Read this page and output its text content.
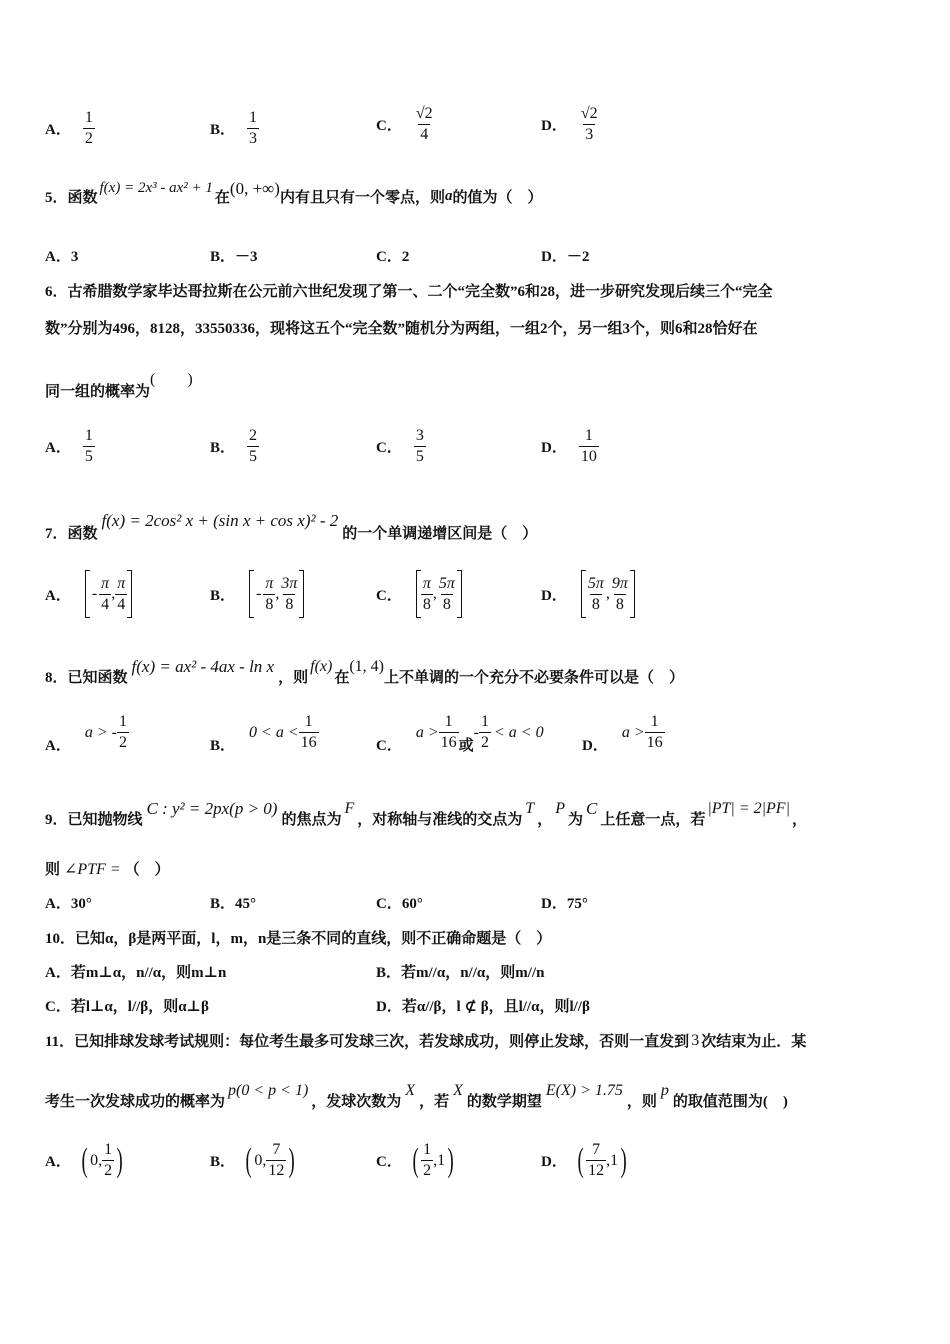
A． $\frac{1}{2}$	B． $\frac{1}{3}$	C． $\frac{√2}{4}$	D． $\frac{√2}{3}$
5．函数
f(x) = 2x³ - ax² + 1
在
(0, +∞)
内有且只有一个零点，则 a 的值为（　）
A．3	B．－3	C．2	D．－2
6．古希腊数学家毕达哥拉斯在公元前六世纪发现了第一、二个“完全数”6和28，进一步研究发现后续三个“完全
数”分别为496，8128，33550336，现将这五个“完全数”随机分为两组，一组2个，另一组3个，则6和28恰好在
同一组的概率为
(　　)
A． $\frac{1}{5}$	B． $\frac{2}{5}$	C． $\frac{3}{5}$	D． $\frac{1}{10}$
7．函数
f(x) = 2cos² x + (sin x + cos x)² - 2
的一个单调递增区间是（　）
A． - $\frac{\pi}{4}$ , $\frac{\pi}{4}$	B． - $\frac{\pi}{8}$ , $\frac{3\pi}{8}$	C． $\frac{\pi}{8}$ , $\frac{5\pi}{8}$	D． $\frac{5\pi}{8}$ , $\frac{9\pi}{8}$
8．已知函数
f(x) = ax² - 4ax - ln x
，则
f(x)
在
(1, 4)
上不单调的一个充分不必要条件可以是（　）
A．
a > - $\frac{1}{2}$	B．
$0 < a < \frac{1}{16}$	C．
$a > \frac{1}{16}$ 或
- $\frac{1}{2} < a < 0$
D．
$a > \frac{1}{16}$
9．已知抛物线
C : y² = 2px(p > 0)
的焦点为
F
，对称轴与准线的交点为
T
，
P
为
C
上任意一点，若
|PT| = 2|PF|
，
则 ∠PTF = （　）
A．30°	B．45°	C．60°	D．75°
10．已知α，β是两平面，l，m，n是三条不同的直线，则不正确命题是（　）
A．若m⊥α，n//α，则m⊥n	B．若m//α，n//α，则m//n
C．若l⊥α，l//β，则α⊥β	D．若α//β，l ⊄ β，且l//α，则l//β
11．已知排球发球考试规则：每位考生最多可发球三次，若发球成功，则停止发球，否则一直发到 3 次结束为止．某
考生一次发球成功的概率为
p(0 < p < 1)
，发球次数为
X
，若
X
的数学期望
E(X) > 1.75
，则
p
的取值范围为(　)
A． ( 0, $\frac{1}{2}$ )	B． ( 0, $\frac{7}{12}$ )	C． ( $\frac{1}{2} ,1$ )	D． ( $\frac{7}{12} ,1$ )
